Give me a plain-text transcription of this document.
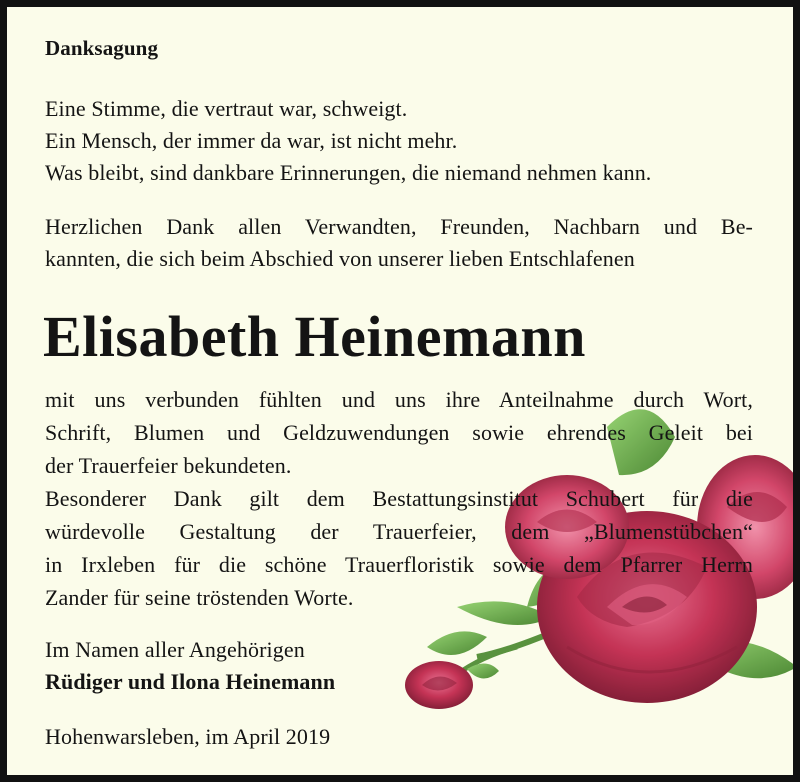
Danksagung
Eine Stimme, die vertraut war, schweigt.
Ein Mensch, der immer da war, ist nicht mehr.
Was bleibt, sind dankbare Erinnerungen, die niemand nehmen kann.
Herzlichen Dank allen Verwandten, Freunden, Nachbarn und Be-
kannten, die sich beim Abschied von unserer lieben Entschlafenen
Elisabeth Heinemann
mit uns verbunden fühlten und uns ihre Anteilnahme durch Wort,
Schrift, Blumen und Geldzuwendungen sowie ehrendes Geleit bei
der Trauerfeier bekundeten.
Besonderer Dank gilt dem Bestattungsinstitut Schubert für die
würdevolle Gestaltung der Trauerfeier, dem „Blumenstübchen“
in Irxleben für die schöne Trauerfloristik sowie dem Pfarrer Herrn
Zander für seine tröstenden Worte.
Im Namen aller Angehörigen
Rüdiger und Ilona Heinemann
Hohenwarsleben, im April 2019
